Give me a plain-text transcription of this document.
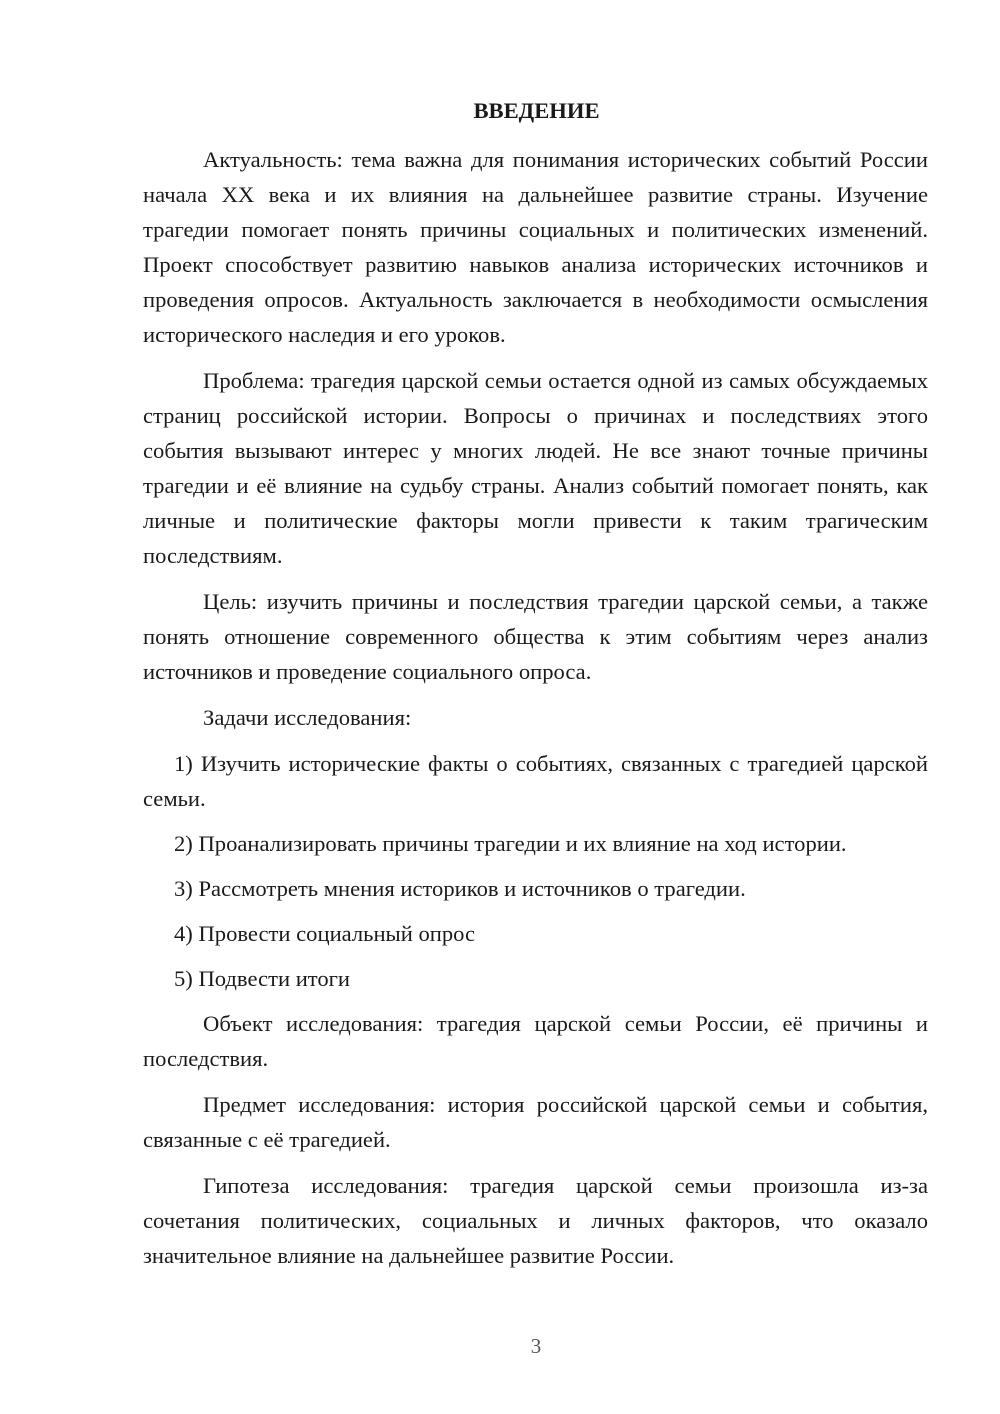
ВВЕДЕНИЕ

Актуальность: тема важна для понимания исторических событий России начала XX века и их влияния на дальнейшее развитие страны. Изучение трагедии помогает понять причины социальных и политических изменений. Проект способствует развитию навыков анализа исторических источников и проведения опросов. Актуальность заключается в необходимости осмысления исторического наследия и его уроков.

Проблема: трагедия царской семьи остается одной из самых обсуждаемых страниц российской истории. Вопросы о причинах и последствиях этого события вызывают интерес у многих людей. Не все знают точные причины трагедии и её влияние на судьбу страны. Анализ событий помогает понять, как личные и политические факторы могли привести к таким трагическим последствиям.

Цель: изучить причины и последствия трагедии царской семьи, а также понять отношение современного общества к этим событиям через анализ источников и проведение социального опроса.

Задачи исследования:

1) Изучить исторические факты о событиях, связанных с трагедией царской семьи.

2) Проанализировать причины трагедии и их влияние на ход истории.

3) Рассмотреть мнения историков и источников о трагедии.

4) Провести социальный опрос

5) Подвести итоги

Объект исследования: трагедия царской семьи России, её причины и последствия.

Предмет исследования: история российской царской семьи и события, связанные с её трагедией.

Гипотеза исследования: трагедия царской семьи произошла из-за сочетания политических, социальных и личных факторов, что оказало значительное влияние на дальнейшее развитие России.

3
